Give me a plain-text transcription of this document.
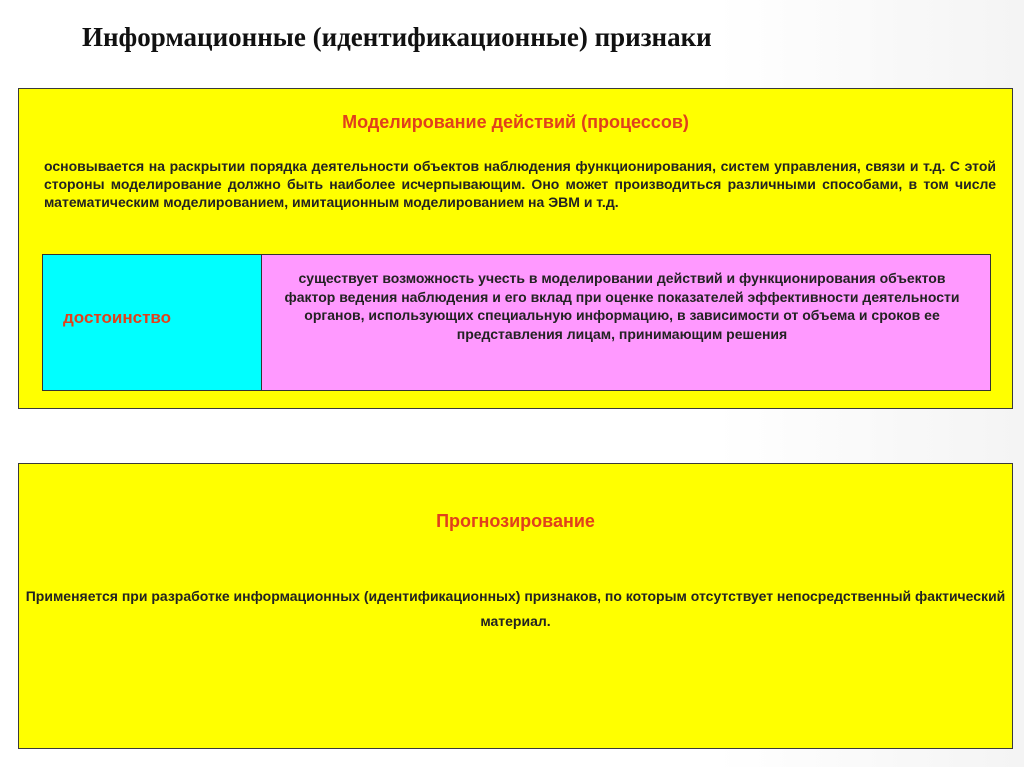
Информационные (идентификационные) признаки
Моделирование действий (процессов)
основывается на раскрытии порядка деятельности объектов наблюдения функционирования, систем управления, связи и т.д. С этой стороны моделирование должно быть наиболее исчерпывающим. Оно может производиться различными способами, в том числе математическим моделированием, имитационным моделированием на ЭВМ и т.д.
достоинство
существует возможность учесть в моделировании действий и функционирования объектов фактор ведения наблюдения и его вклад при оценке показателей эффективности деятельности органов, использующих специальную информацию, в зависимости от объема и сроков ее представления лицам, принимающим решения
Прогнозирование
Применяется при разработке информационных (идентификационных) признаков, по которым отсутствует непосредственный фактический материал.
